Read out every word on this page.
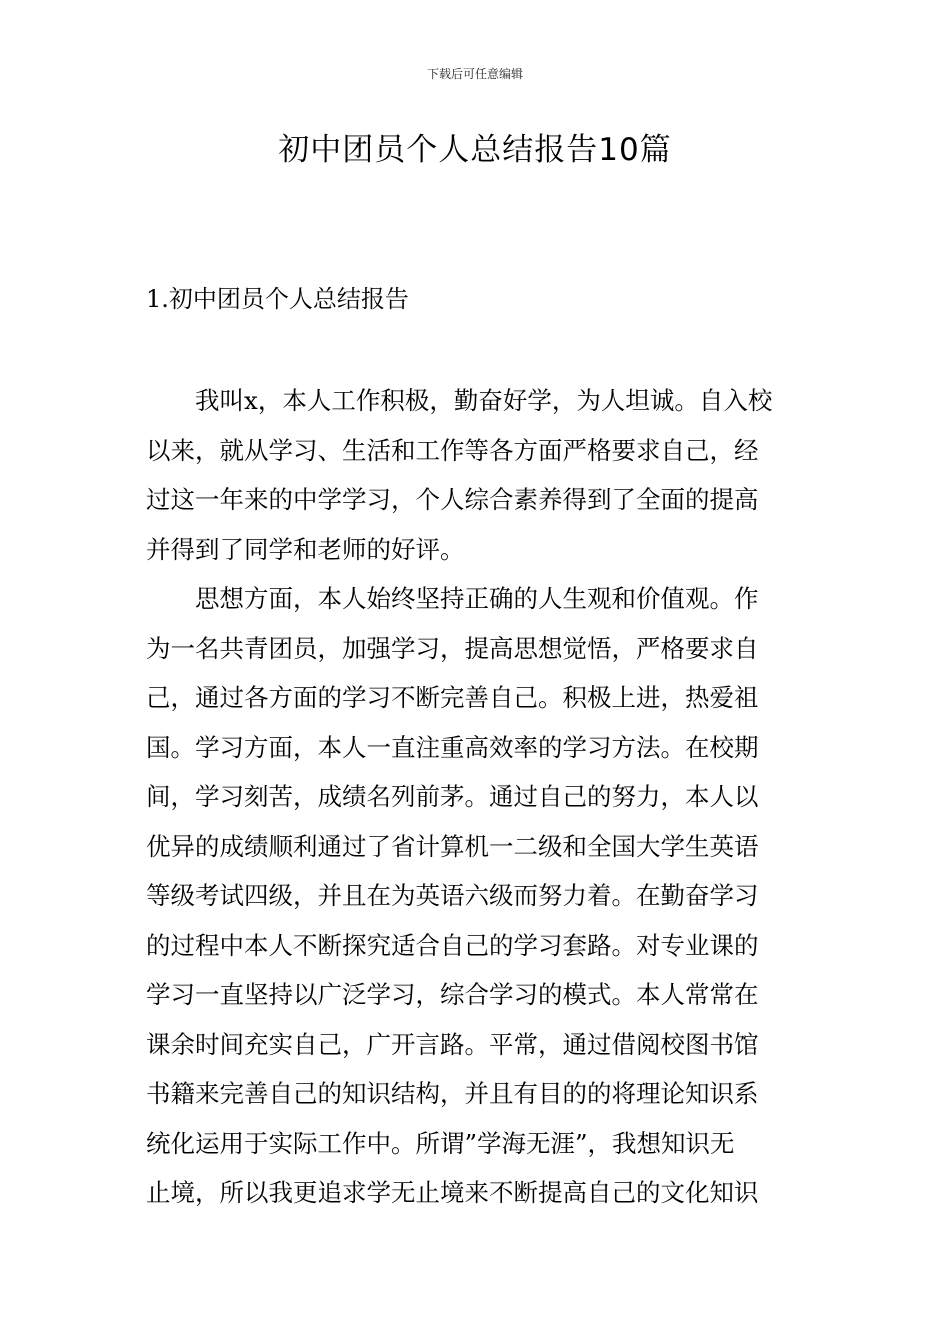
下载后可任意编辑
初中团员个人总结报告10篇
1.初中团员个人总结报告

我叫x，本人工作积极，勤奋好学，为人坦诚。自入校
以来，就从学习、生活和工作等各方面严格要求自己，经
过这一年来的中学学习，个人综合素养得到了全面的提高
并得到了同学和老师的好评。

思想方面，本人始终坚持正确的人生观和价值观。作
为一名共青团员，加强学习，提高思想觉悟，严格要求自
己，通过各方面的学习不断完善自己。积极上进，热爱祖
国。学习方面，本人一直注重高效率的学习方法。在校期
间，学习刻苦，成绩名列前茅。通过自己的努力，本人以
优异的成绩顺利通过了省计算机一二级和全国大学生英语
等级考试四级，并且在为英语六级而努力着。在勤奋学习
的过程中本人不断探究适合自己的学习套路。对专业课的
学习一直坚持以广泛学习，综合学习的模式。本人常常在
课余时间充实自己，广开言路。平常，通过借阅校图书馆
书籍来完善自己的知识结构，并且有目的的将理论知识系
统化运用于实际工作中。所谓”学海无涯”，我想知识无
止境，所以我更追求学无止境来不断提高自己的文化知识
